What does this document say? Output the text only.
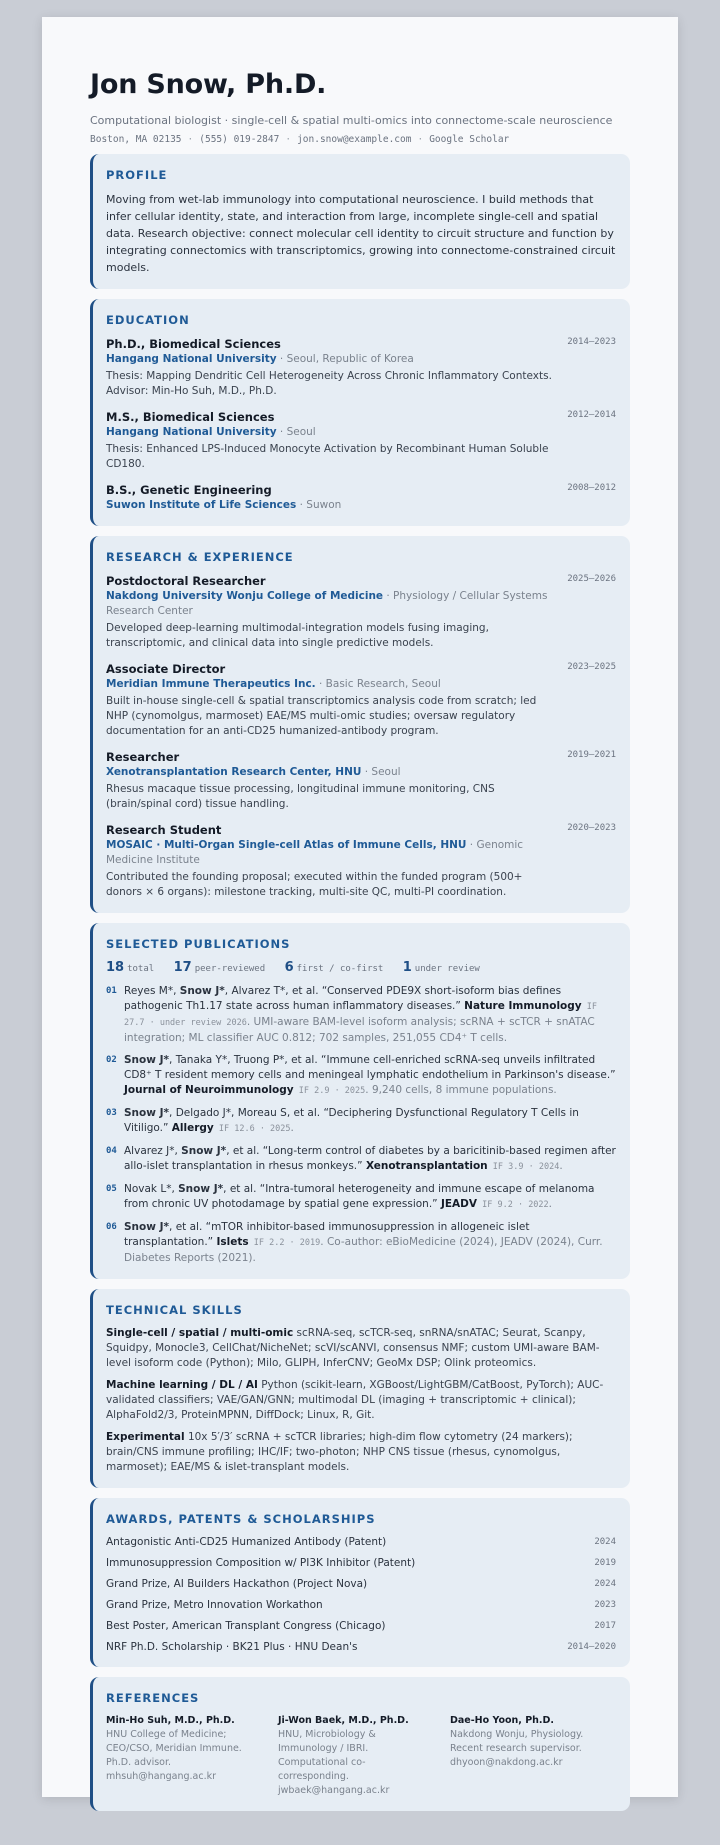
Jon Snow, Ph.D.
Computational biologist · single-cell & spatial multi-omics into connectome-scale neuroscience
Boston, MA 02135 · (555) 019-2847 · jon.snow@example.com · Google Scholar
PROFILE

Moving from wet-lab immunology into computational neuroscience. I build methods that infer cellular identity, state, and interaction from large, incomplete single-cell and spatial data. Research objective: connect molecular cell identity to circuit structure and function by integrating connectomics with transcriptomics, growing into connectome-constrained circuit models.

EDUCATION
2014–2023
Ph.D., Biomedical Sciences
Hangang National University · Seoul, Republic of Korea
Thesis: Mapping Dendritic Cell Heterogeneity Across Chronic Inflammatory Contexts. Advisor: Min-Ho Suh, M.D., Ph.D.
2012–2014
M.S., Biomedical Sciences
Hangang National University · Seoul
Thesis: Enhanced LPS-Induced Monocyte Activation by Recombinant Human Soluble CD180.
2008–2012
B.S., Genetic Engineering
Suwon Institute of Life Sciences · Suwon
RESEARCH & EXPERIENCE
2025–2026
Postdoctoral Researcher
Nakdong University Wonju College of Medicine · Physiology / Cellular Systems Research Center
Developed deep-learning multimodal-integration models fusing imaging, transcriptomic, and clinical data into single predictive models.
2023–2025
Associate Director
Meridian Immune Therapeutics Inc. · Basic Research, Seoul
Built in-house single-cell & spatial transcriptomics analysis code from scratch; led NHP (cynomolgus, marmoset) EAE/MS multi-omic studies; oversaw regulatory documentation for an anti-CD25 humanized-antibody program.
2019–2021
Researcher
Xenotransplantation Research Center, HNU · Seoul
Rhesus macaque tissue processing, longitudinal immune monitoring, CNS (brain/spinal cord) tissue handling.
2020–2023
Research Student
MOSAIC · Multi-Organ Single-cell Atlas of Immune Cells, HNU · Genomic Medicine Institute
Contributed the founding proposal; executed within the funded program (500+ donors × 6 organs): milestone tracking, multi-site QC, multi-PI coordination.
SELECTED PUBLICATIONS
18 total 17 peer-reviewed 6 first / co-first 1 under review
01 Reyes M*, Snow J*, Alvarez T*, et al. “Conserved PDE9X short-isoform bias defines pathogenic Th1.17 state across human inflammatory diseases.” Nature Immunology IF 27.7 · under review 2026. UMI-aware BAM-level isoform analysis; scRNA + scTCR + snATAC integration; ML classifier AUC 0.812; 702 samples, 251,055 CD4⁺ T cells.
02 Snow J*, Tanaka Y*, Truong P*, et al. “Immune cell-enriched scRNA-seq unveils infiltrated CD8⁺ T resident memory cells and meningeal lymphatic endothelium in Parkinson's disease.” Journal of Neuroimmunology IF 2.9 · 2025. 9,240 cells, 8 immune populations.
03 Snow J*, Delgado J*, Moreau S, et al. “Deciphering Dysfunctional Regulatory T Cells in Vitiligo.” Allergy IF 12.6 · 2025.
04 Alvarez J*, Snow J*, et al. “Long-term control of diabetes by a baricitinib-based regimen after allo-islet transplantation in rhesus monkeys.” Xenotransplantation IF 3.9 · 2024.
05 Novak L*, Snow J*, et al. “Intra-tumoral heterogeneity and immune escape of melanoma from chronic UV photodamage by spatial gene expression.” JEADV IF 9.2 · 2022.
06 Snow J*, et al. “mTOR inhibitor-based immunosuppression in allogeneic islet transplantation.” Islets IF 2.2 · 2019. Co-author: eBioMedicine (2024), JEADV (2024), Curr. Diabetes Reports (2021).
TECHNICAL SKILLS
Single-cell / spatial / multi-omic scRNA-seq, scTCR-seq, snRNA/snATAC; Seurat, Scanpy, Squidpy, Monocle3, CellChat/NicheNet; scVI/scANVI, consensus NMF; custom UMI-aware BAM-level isoform code (Python); Milo, GLIPH, InferCNV; GeoMx DSP; Olink proteomics.
Machine learning / DL / AI Python (scikit-learn, XGBoost/LightGBM/CatBoost, PyTorch); AUC-validated classifiers; VAE/GAN/GNN; multimodal DL (imaging + transcriptomic + clinical); AlphaFold2/3, ProteinMPNN, DiffDock; Linux, R, Git.
Experimental 10x 5′/3′ scRNA + scTCR libraries; high-dim flow cytometry (24 markers); brain/CNS immune profiling; IHC/IF; two-photon; NHP CNS tissue (rhesus, cynomolgus, marmoset); EAE/MS & islet-transplant models.
AWARDS, PATENTS & SCHOLARSHIPS
Antagonistic Anti-CD25 Humanized Antibody (Patent)	2024
Immunosuppression Composition w/ PI3K Inhibitor (Patent)	2019
Grand Prize, AI Builders Hackathon (Project Nova)	2024
Grand Prize, Metro Innovation Workathon	2023
Best Poster, American Transplant Congress (Chicago)	2017
NRF Ph.D. Scholarship · BK21 Plus · HNU Dean's	2014–2020
REFERENCES
Min-Ho Suh, M.D., Ph.D.
HNU College of Medicine; CEO/CSO, Meridian Immune. Ph.D. advisor.
mhsuh@hangang.ac.kr
Ji-Won Baek, M.D., Ph.D.
HNU, Microbiology & Immunology / IBRI. Computational co-corresponding.
jwbaek@hangang.ac.kr
Dae-Ho Yoon, Ph.D.
Nakdong Wonju, Physiology. Recent research supervisor.
dhyoon@nakdong.ac.kr
